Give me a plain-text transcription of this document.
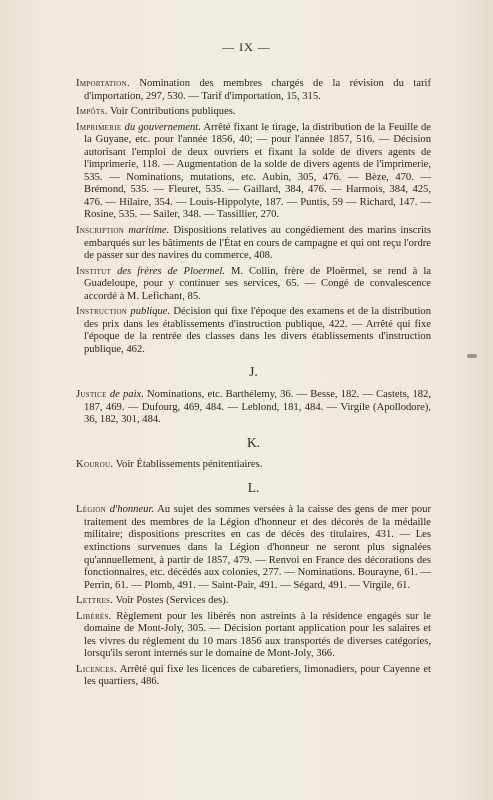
— IX —
Importation. Nomination des membres chargés de la révision du tarif d'importation, 297, 530. — Tarif d'importation, 15, 315.
Impôts. Voir Contributions publiques.
Imprimerie du gouvernement. Arrêté fixant le tirage, la distribution de la Feuille de la Guyane, etc. pour l'année 1856, 40; — pour l'année 1857, 516. — Décision autorisant l'emploi de deux ouvriers et fixant la solde de divers agents de l'imprimerie, 118. — Augmentation de la solde de divers agents de l'imprimerie, 535. — Nominations, mutations, etc. Aubin, 305, 476. — Bèze, 470. — Brémond, 535. — Fleuret, 535. — Gaillard, 384, 476. — Harmois, 384, 425, 476. — Hilaire, 354. — Louis-Hippolyte, 187. — Puntis, 59 — Richard, 147. — Rosine, 535. — Sailer, 348. — Tassillier, 270.
Inscription maritime. Dispositions relatives au congédiement des marins inscrits embarqués sur les bâtiments de l'État en cours de campagne et qui ont reçu l'ordre de passer sur des navires du commerce, 408.
Institut des frères de Ploermel. M. Collin, frère de Ploërmel, se rend à la Guadeloupe, pour y continuer ses services, 65. — Congé de convalescence accordé à M. Lefichant, 85.
Instruction publique. Décision qui fixe l'époque des examens et de la distribution des prix dans les établissements d'instruction publique, 422. — Arrêté qui fixe l'époque de la rentrée des classes dans les divers établissements d'instruction publique, 462.
J.
Justice de paix. Nominations, etc. Barthélemy, 36. — Besse, 182. — Castets, 182, 187, 469. — Dufourg, 469, 484. — Leblond, 181, 484. — Virgile (Apollodore), 36, 182, 301, 484.
K.
Kourou. Voir Établissements pénitentiaires.
L.
Légion d'honneur. Au sujet des sommes versées à la caisse des gens de mer pour traitement des membres de la Légion d'honneur et des décorés de la médaille militaire; dispositions prescrites en cas de décès des titulaires, 431. — Les extinctions survenues dans la Légion d'honneur ne seront plus signalées qu'annuellement, à partir de 1857, 479. — Renvoi en France des décorations des fonctionnaires, etc. décédés aux colonies, 277. — Nominations. Bourayne, 61. — Perrin, 61. — Plomb, 491. — Saint-Pair, 491. — Ségard, 491. — Virgile, 61.
Lettres. Voir Postes (Services des).
Libérés. Règlement pour les libérés non astreints à la résidence engagés sur le domaine de Mont-Joly, 305. — Décision portant application pour les salaires et les vivres du règlement du 10 mars 1856 aux transportés de diverses catégories, lorsqu'ils seront internés sur le domaine de Mont-Joly, 366.
Licences. Arrêté qui fixe les licences de cabaretiers, limonadiers, pour Cayenne et les quartiers, 486.
